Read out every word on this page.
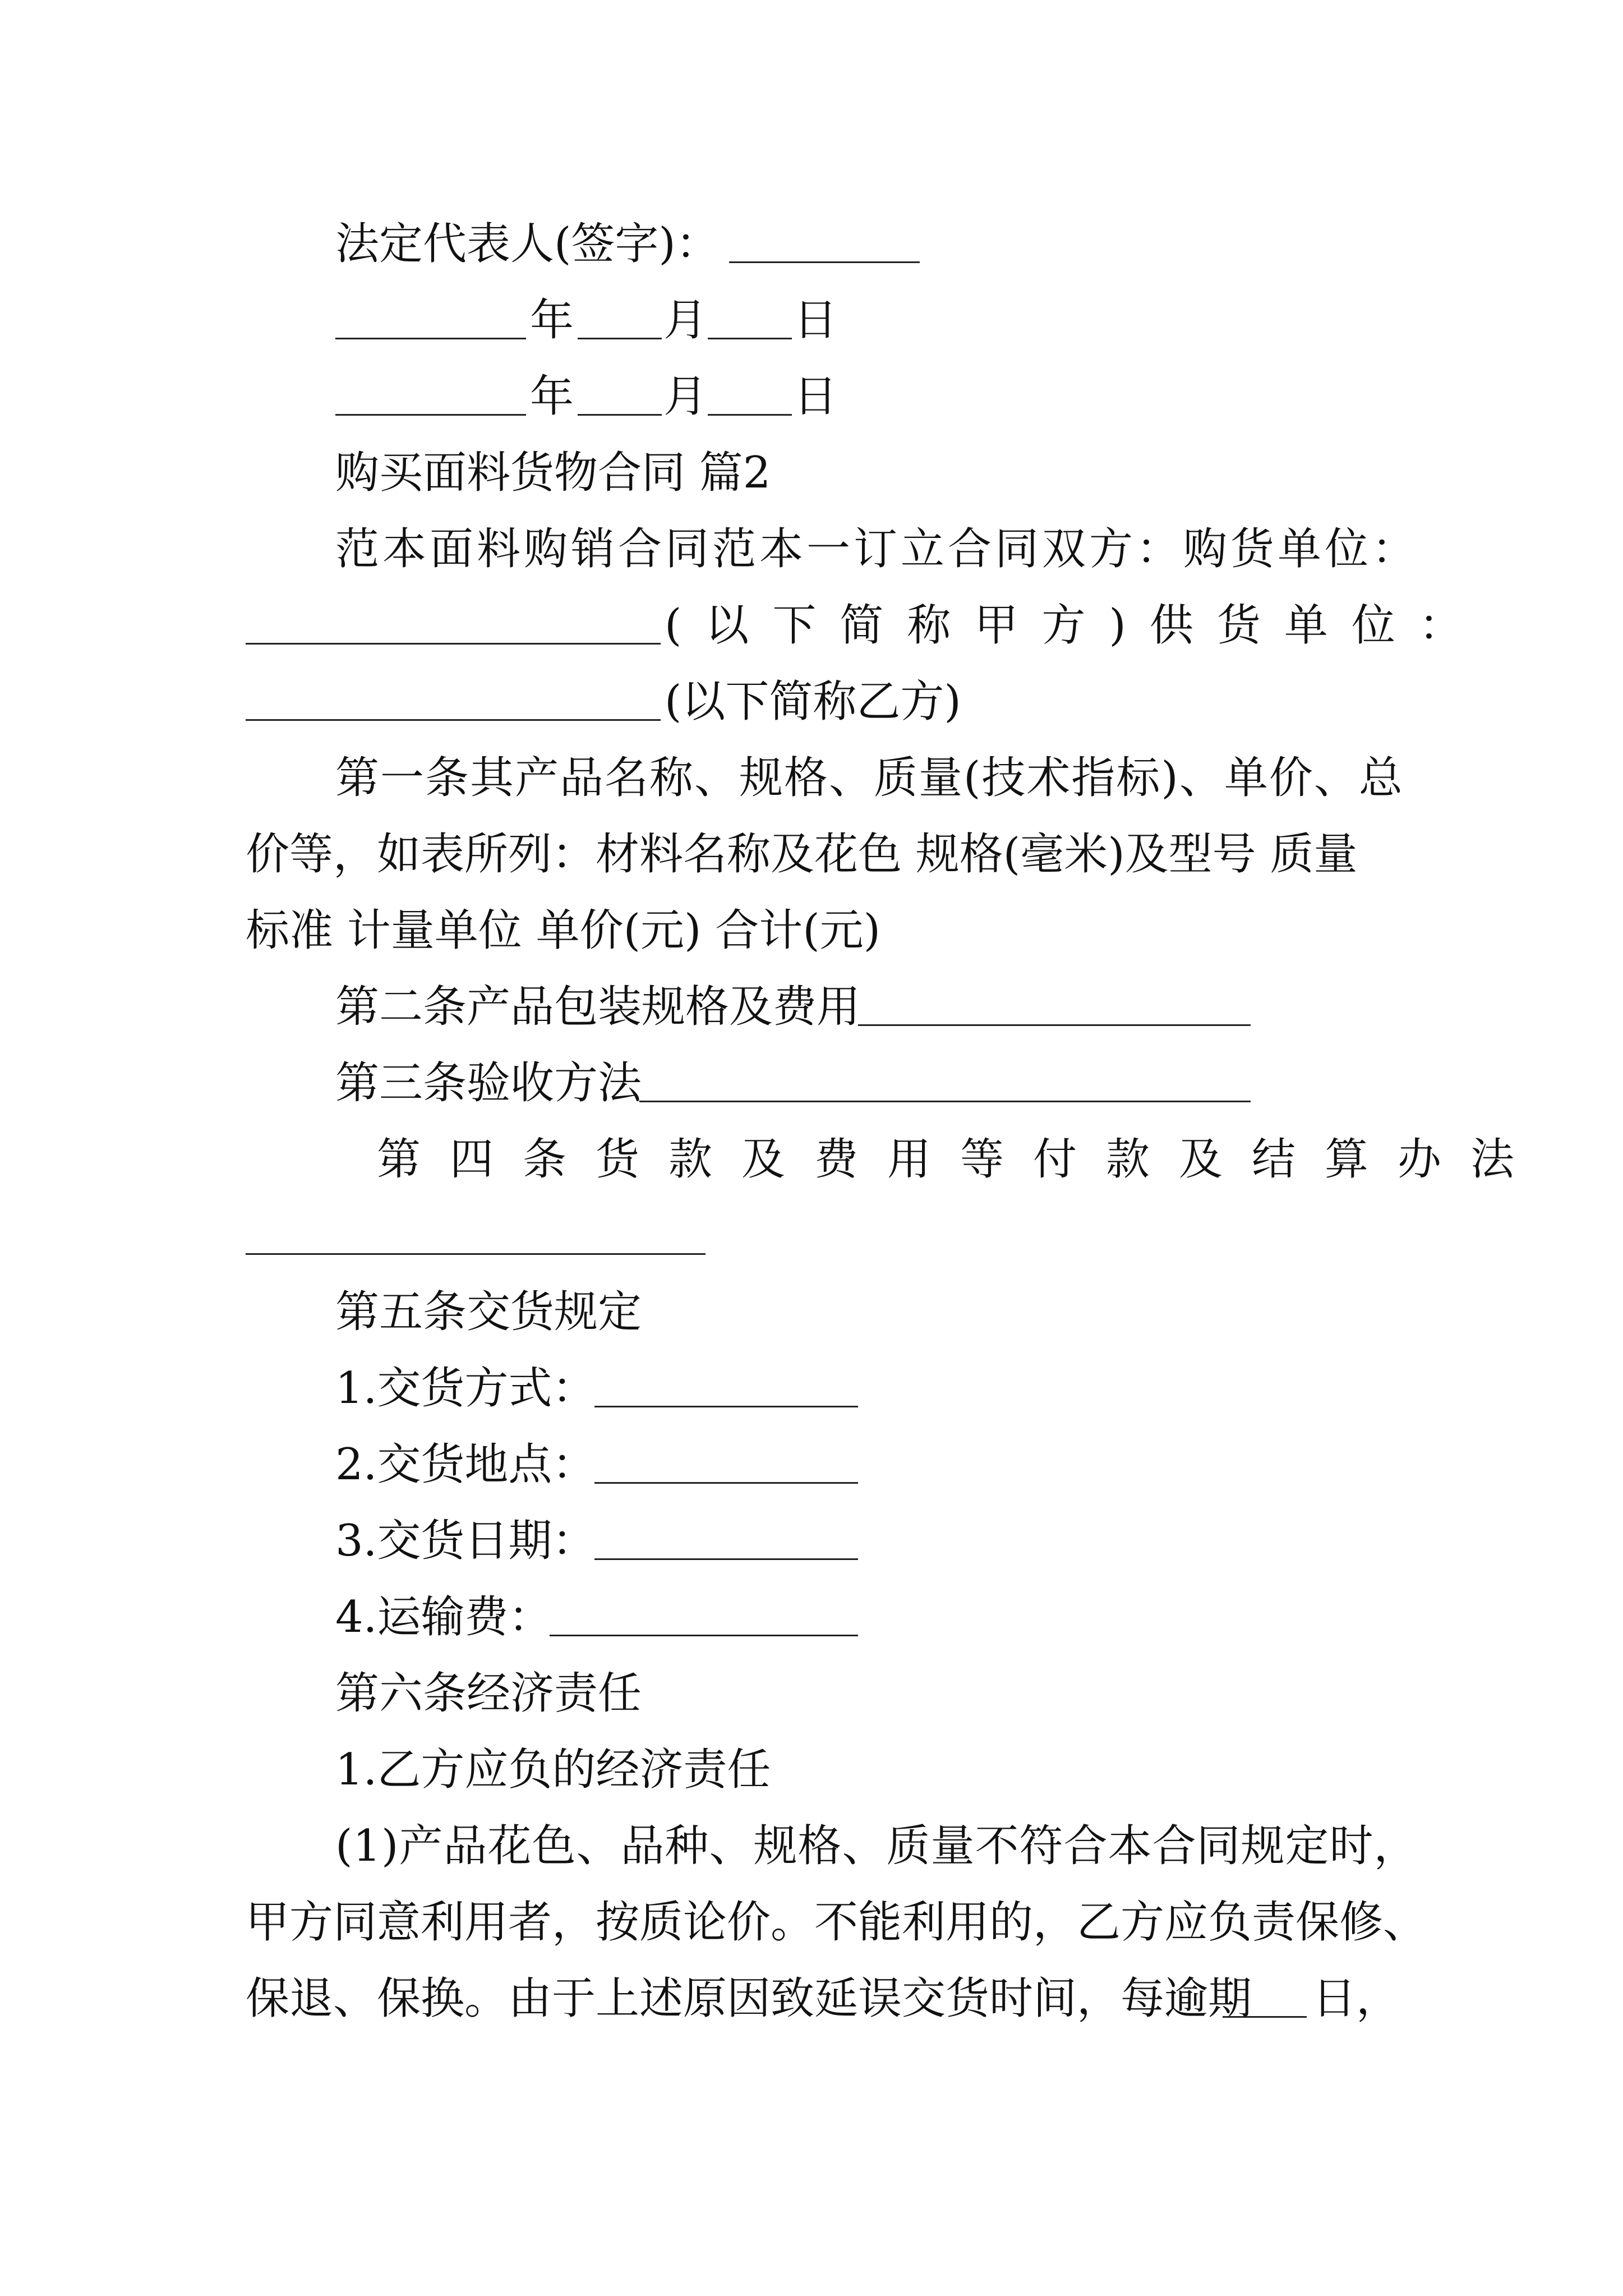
法定代表人(签字)：
年 月 日
年 月 日
购买面料货物合同 篇2
范本面料购销合同范本一订立合同双方：购货单位：
(以下简称甲方)供货单位：
(以下简称乙方)
第一条其产品名称、规格、质量(技术指标)、单价、总
价等，如表所列：材料名称及花色 规格(毫米)及型号 质量
标准 计量单位 单价(元) 合计(元)
第二条产品包装规格及费用
第三条验收方法
第四条货款及费用等付款及结算办法
第五条交货规定
1.交货方式：
2.交货地点：
3.交货日期：
4.运输费：
第六条经济责任
1.乙方应负的经济责任
(1)产品花色、品种、规格、质量不符合本合同规定时，
甲方同意利用者，按质论价。不能利用的，乙方应负责保修、
保退、保换。由于上述原因致延误交货时间，每逾期 日，
